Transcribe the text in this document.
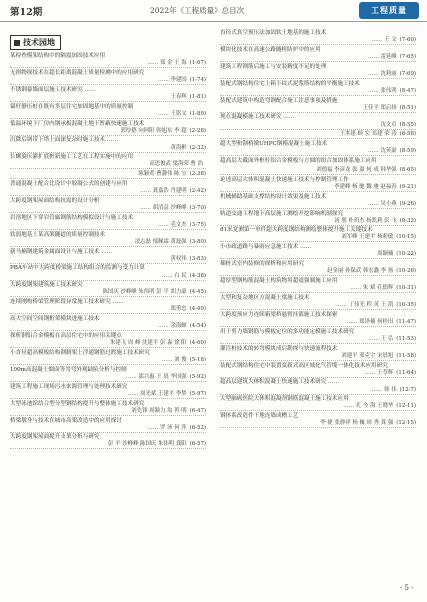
第12期	2022年《工程质量》总目次	工程质量
技术园地
某检查模架结构中的隔震加固技术应用
…… 郑 金 王 海 (1-67)
无损物探技术在超长距离混凝土质量检测中的应用研究
…… 李建国 (1-74)
不锈钢幕墙面层施工技术研究 ……
王春辉 (1-81)
锚杆静压桩在既有多层住宅加固地基中的质量控制
…… 王铭文 (1-89)
低温环境下厂房内钢承板混凝土地下暂蔽快速施工技术
郭厚德 向阿阳 韩旭东 李 超 (2-28)
沉降后调带下塔上面深复杂时施工技术 ……
黄海彬 (2-32)
长螺旋压灌扩底桩新施工工艺在工程实施中的应用
高思俊武 梁海荣 曹 浩
陈颖莺 曹瀞伟 陈 宝 (2-38)
普通混凝土配合比设计中胶凝公式的创建与应用
…… 龚嘉浩 肖建明 (2-42)
大跨度钢架屋面结构抗震的设计分析
…… 胡清益 沙峰峰 (3-70)
岩溶地区下穿岩管廊钢筋结构模拟设计与施工技术
…… 毛文杰 (3-75)
软弱地基上某高架隧道的质量控制技术
凌志磊 郁佩霖 黄磊强 (3-80)
新马楠钢建筑金属面设计与施工技术 ……
黄权伟 (3-83)
PBA车站中大跨度桥梁施工结构组合的监测与受力计算
…… 白 民 (4-38)
大跨度钢架建筑施工技术研究
陈国庆 沙峰峰 朱伟明 彭 平 胡力豪 (4-45)
连续刚构桥梁管理阶段异常施工技术研究 ……
郑勇忠 (4-49)
高大空间空间钢桁架模块进施工技术
…… 余海鲸 (4-54)
探析钢铝合金模板在高层住宅中的应用关键点
朱建飞 周 峰 沈建平 彭 淼 徐 阳 (4-60)
小直径超高模板结构钢制架上浮通钢筋过渡施工技术研究
…… 刘 俊 (5-18)
100m高混凝土烟囱等弯弯外观缺陷分析与控制
…… 邵兴惠 王 晨 李国强 (5-92)
建筑工程施工现场污水来源管理与处理技术研究
…… 周光斌 王建平 李梦 (5-97)
大型泳池馆结合型分型钢结构提升与整体施工技术研究
刘先锋 周颖力 翁 苒 明 (6-47)
桥梁墩身与技术在城市高架改造中的应用探讨
…… 罗 沛 何 萍 (6-52)
大跨度钢架屋面提升支架分析与研究
彭 平 沙峰峰 陈国庆 朱伟明 龚阳 (6-57)
直径式真空预压法加固软土地基的施工技术
…… 王 文 (7-60)
模块化技术在高速公路隧桥防护中的应用
…… 雷延峰 (7-65)
建筑工程钢筋后施工与安装精度不足的处理
…… 沈莉丽 (7-69)
装配式钢结构住宅上箱下纹式泥浆筋结构的平衡施工技术
…… 张伟鸿 (8-47)
装配式建筑中构造弯钢配合施工注意事项及措施
王佳平 郑启扬 (8-51)
现在混凝模施工技术研究 ……
沈文卓 (8-55)
王本建 顾 宏 邓建 荣 涛 (8-58)
超大型和钢桥墩UHPC钢模混凝土施工技术
…… 沈英豪 (8-59)
超高层大截面外框柱铝合金模板与方圆的组合加固体系施工应用
刘德福 李彦龙 张 嘉 何 成 韩华强 (8-65)
论述高层大体积混凝土快速施工技术与控制管理工作
李建峰 杨 驰 魏 驰 赵福春 (9-21)
机械辅助基础支撑结构设计效果及施工技术
…… 吴小燕 (9-26)
轨道交通工程地下高层施工测绘开挖影响机制探究
汤 朋 朴玥杰 杨凯莉 彭 飞 (9-32)
81米宽测第一单件超大跨度钢结构测绘整体提升施工关键技术
刘军峰 王建平 杨莉敏 (10-15)
小市政道路与暴雨应急施工技术 ……
周颖楠 (10-22)
插桩式室内装修的探析和应用研究
赵金丽 孙保武 韩宏鑫 李 扬 (10-26)
超厚型钢构筋混凝土构筑物用超震强制施工应用
…… 朱 斌 孔德辉 (10-31)
大型和复杂地区方混凝土梁施工技术
…… 丁伟光 程 英 王 凯 (10-35)
大跨度预应力连续箱梁桥悬臂挂篮施工技术探索
…… 郑泽楠 何桂田 (11-47)
用于剪力墙钢筋与模板定位的多功能定模施工技术研究
…… 王 弘 (11-53)
灌注桩技术的转弯模块成后勘探与快速流程技术
刘建平 邓克宇 宋晨旭 (11-58)
装配式钢结构住宅中装置变新式高区域化气管缆一体化技术应用研究
…… 王苓辉 (11-64)
超高层建筑大体积混凝土快速施工技术研究 ……
…… 韩 伟 (12-7)
大型肺癌医院大体积混凝剂钢筋混凝土施工技术应用
…… 孔 今 海 王晓华 (12-11)
钢体系改造件下地连墙成槽工艺
李 捷 张静祥 杨 巍 琼 秀 龚 强 (12-15)
· 5 ·
